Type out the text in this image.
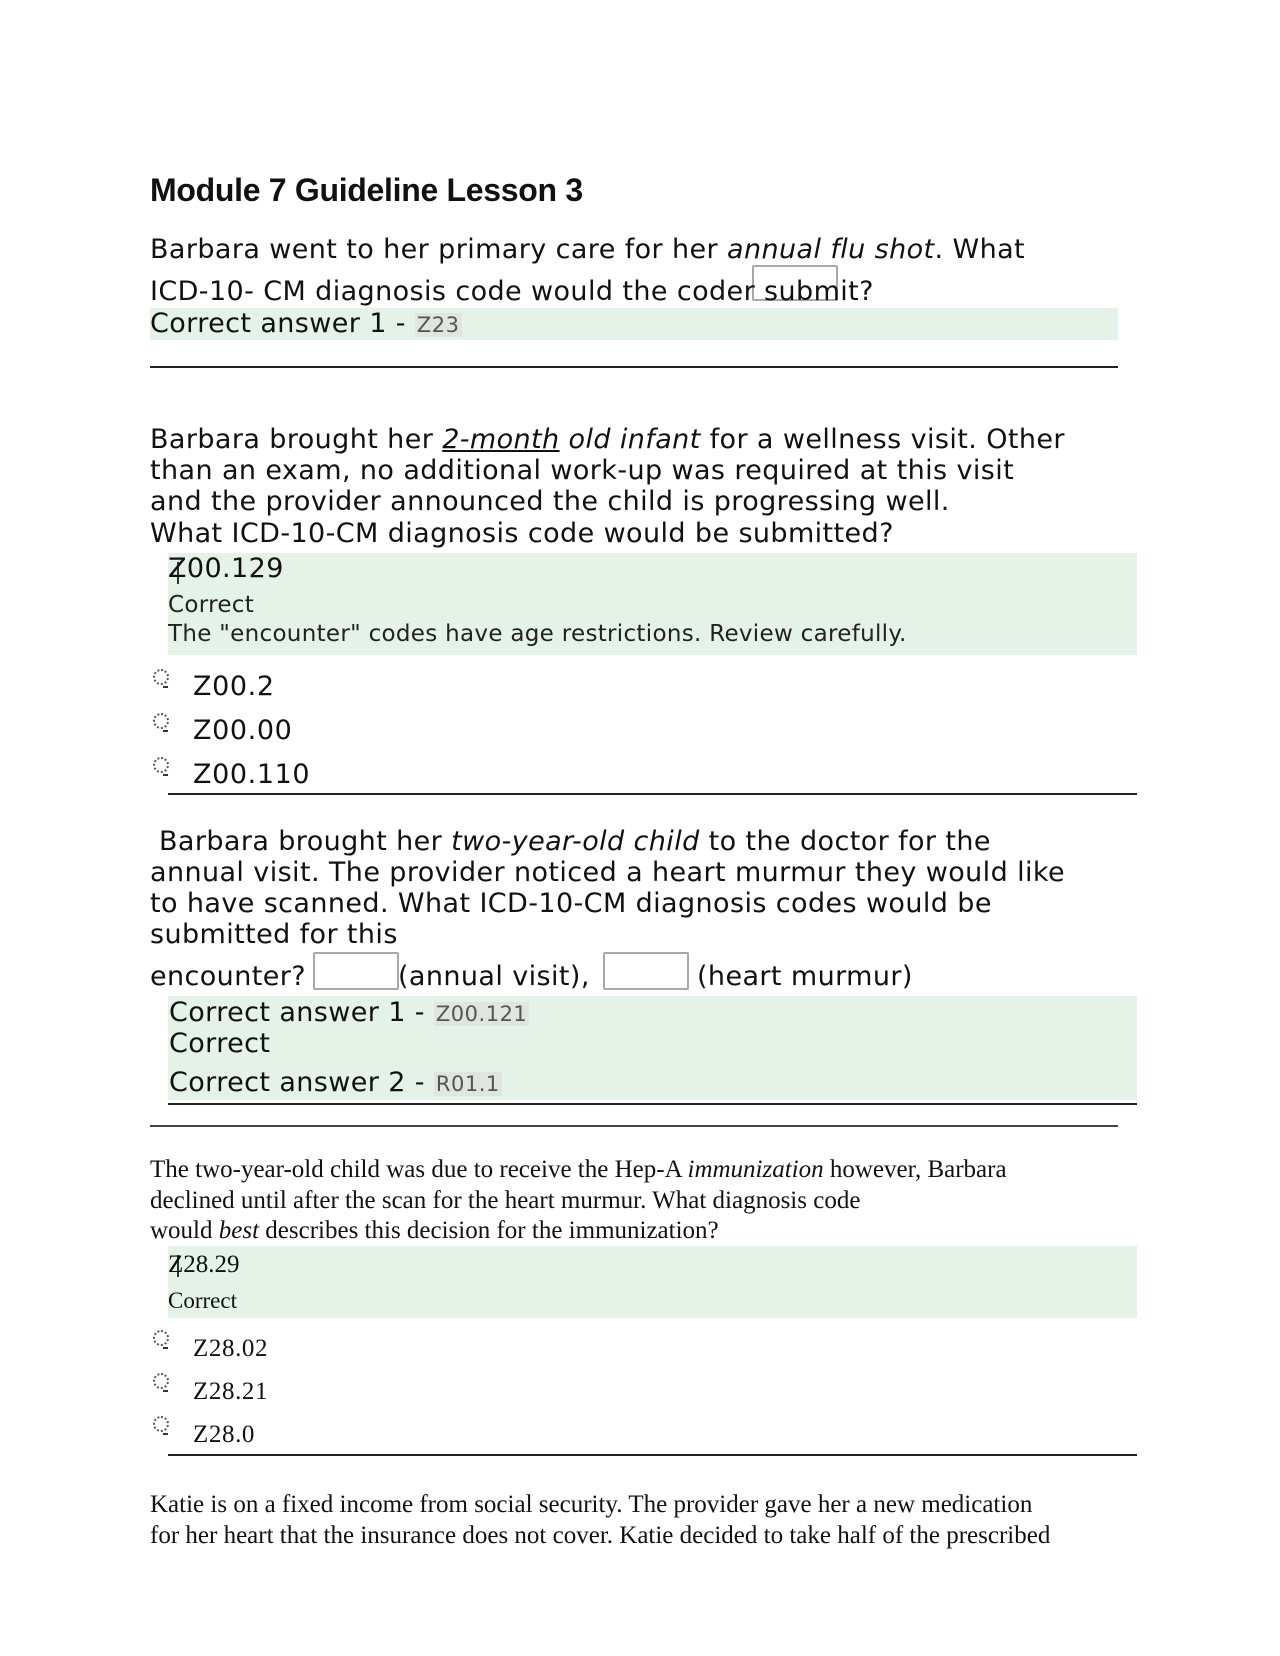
Module 7 Guideline Lesson 3
Barbara went to her primary care for her annual flu shot. What
ICD-10- CM diagnosis code would the coder submit?
Correct answer 1 - Z23
Barbara brought her 2-month old infant for a wellness visit. Other
than an exam, no additional work-up was required at this visit
and the provider announced the child is progressing well.
What ICD-10-CM diagnosis code would be submitted?
Z00.129
Correct
The "encounter" codes have age restrictions. Review carefully.
Z00.2
Z00.00
Z00.110
Barbara brought her two-year-old child to the doctor for the
annual visit. The provider noticed a heart murmur they would like
to have scanned. What ICD-10-CM diagnosis codes would be
submitted for this
encounter?	(annual visit),	(heart murmur)
Correct answer 1 - Z00.121
Correct
Correct answer 2 - R01.1
The two-year-old child was due to receive the Hep-A immunization however, Barbara
declined until after the scan for the heart murmur. What diagnosis code
would best describes this decision for the immunization?
Z28.29
Correct
Z28.02
Z28.21
Z28.0
Katie is on a fixed income from social security. The provider gave her a new medication
for her heart that the insurance does not cover. Katie decided to take half of the prescribed
